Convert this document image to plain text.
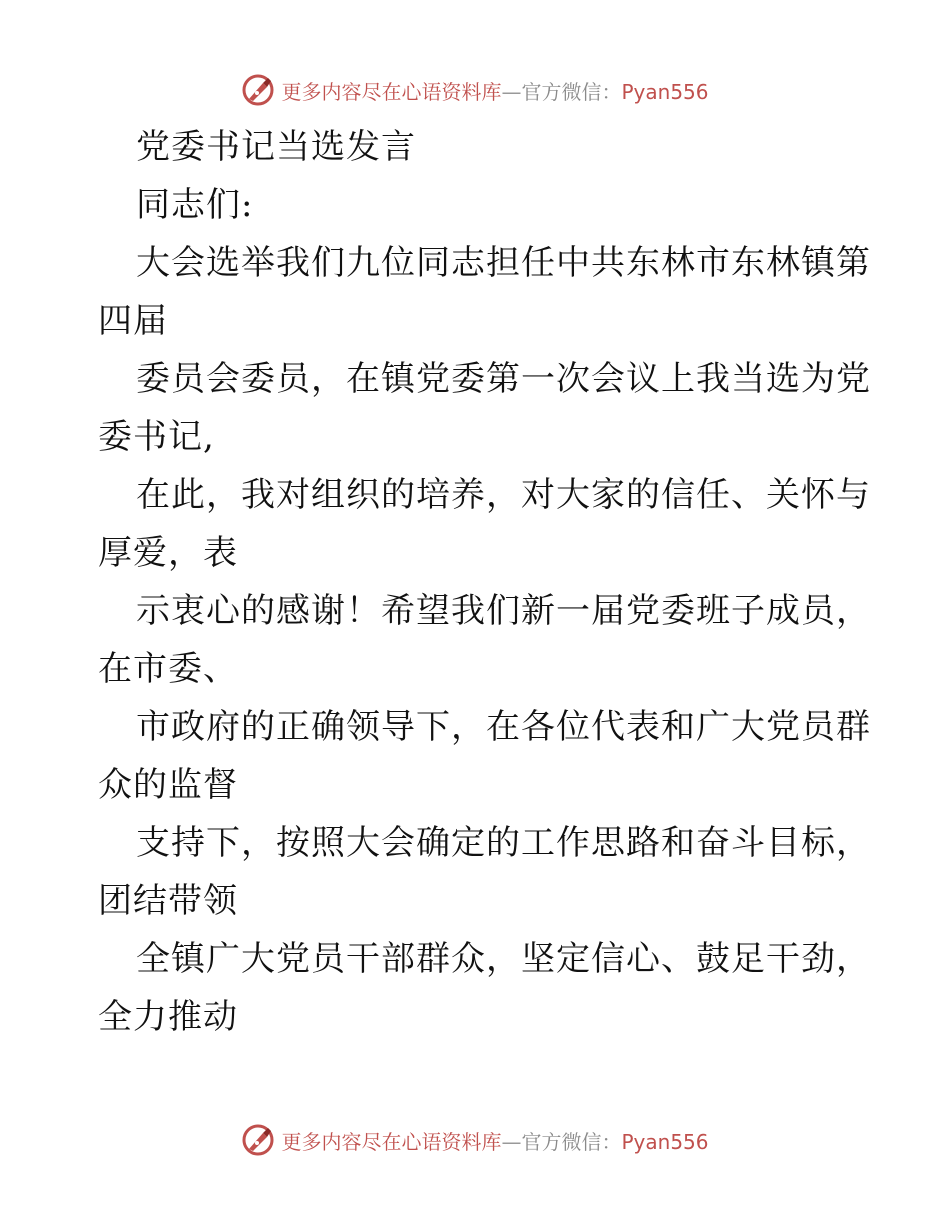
更多内容尽在心语资料库—官方微信：Pyan556
党委书记当选发言
同志们:
大会选举我们九位同志担任中共东林市东林镇第
四届
委员会委员，在镇党委第一次会议上我当选为党
委书记,
在此，我对组织的培养，对大家的信任、关怀与
厚爱，表
示衷心的感谢！希望我们新一届党委班子成员，
在市委、
市政府的正确领导下，在各位代表和广大党员群
众的监督
支持下，按照大会确定的工作思路和奋斗目标，
团结带领
全镇广大党员干部群众，坚定信心、鼓足干劲，
全力推动
更多内容尽在心语资料库—官方微信：Pyan556
